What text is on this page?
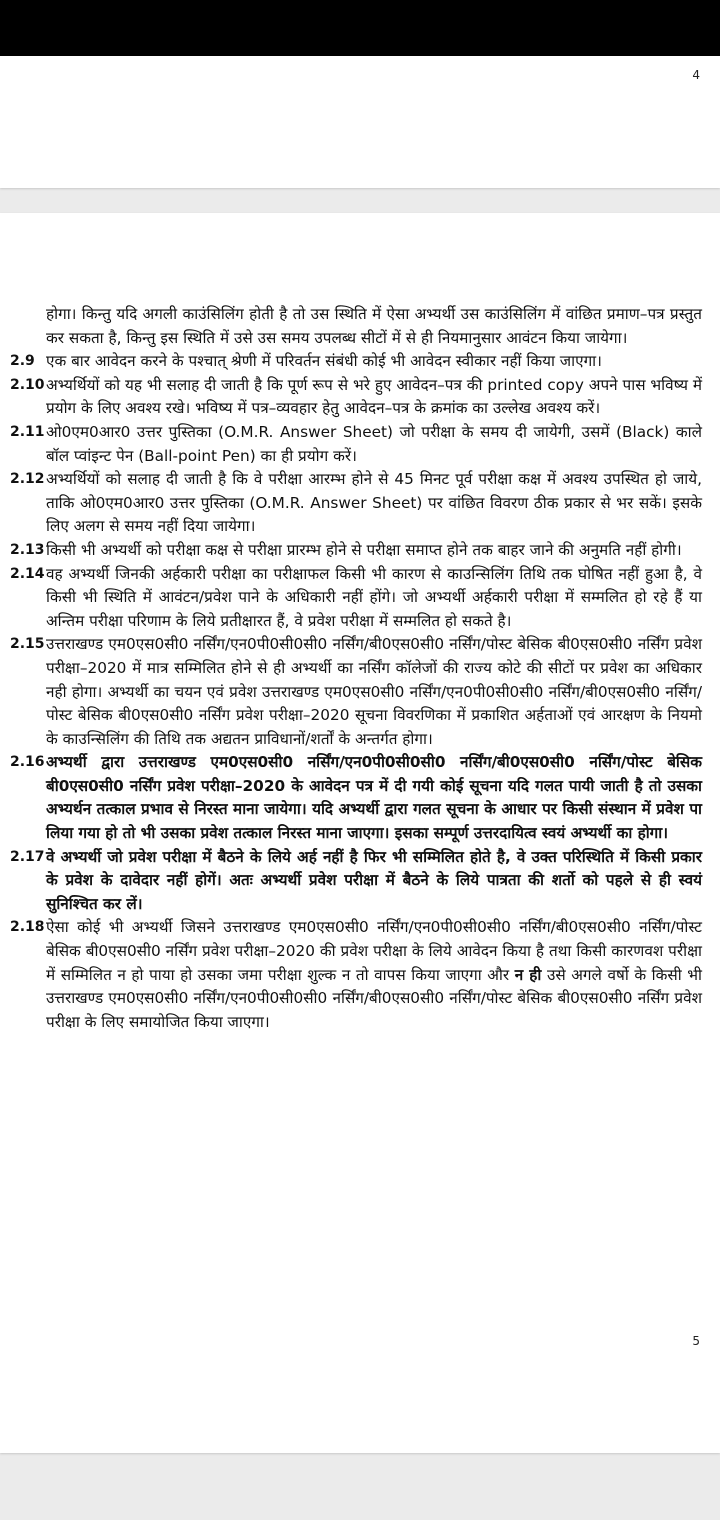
4

होगा। किन्तु यदि अगली काउंसिलिंग होती है तो उस स्थिति में ऐसा अभ्यर्थी उस काउंसिलिंग में वांछित प्रमाण–पत्र प्रस्तुत कर सकता है, किन्तु इस स्थिति में उसे उस समय उपलब्ध सीटों में से ही नियमानुसार आवंटन किया जायेगा।

2.9 एक बार आवेदन करने के पश्चात् श्रेणी में परिवर्तन संबंधी कोई भी आवेदन स्वीकार नहीं किया जाएगा।
2.10 अभ्यर्थियों को यह भी सलाह दी जाती है कि पूर्ण रूप से भरे हुए आवेदन–पत्र की printed copy अपने पास भविष्य में प्रयोग के लिए अवश्य रखे। भविष्य में पत्र–व्यवहार हेतु आवेदन–पत्र के क्रमांक का उल्लेख अवश्य करें।
2.11 ओ0एम0आर0 उत्तर पुस्तिका (O.M.R. Answer Sheet) जो परीक्षा के समय दी जायेगी, उसमें (Black) काले बॉल प्वांइन्ट पेन (Ball-point Pen) का ही प्रयोग करें।
2.12 अभ्यर्थियों को सलाह दी जाती है कि वे परीक्षा आरम्भ होने से 45 मिनट पूर्व परीक्षा कक्ष में अवश्य उपस्थित हो जाये, ताकि ओ0एम0आर0 उत्तर पुस्तिका (O.M.R. Answer Sheet) पर वांछित विवरण ठीक प्रकार से भर सकें। इसके लिए अलग से समय नहीं दिया जायेगा।
2.13 किसी भी अभ्यर्थी को परीक्षा कक्ष से परीक्षा प्रारम्भ होने से परीक्षा समाप्त होने तक बाहर जाने की अनुमति नहीं होगी।
2.14 वह अभ्यर्थी जिनकी अर्हकारी परीक्षा का परीक्षाफल किसी भी कारण से काउन्सिलिंग तिथि तक घोषित नहीं हुआ है, वे किसी भी स्थिति में आवंटन/प्रवेश पाने के अधिकारी नहीं होंगे। जो अभ्यर्थी अर्हकारी परीक्षा में सम्मलित हो रहे हैं या अन्तिम परीक्षा परिणाम के लिये प्रतीक्षारत हैं, वे प्रवेश परीक्षा में सम्मलित हो सकते है।
2.15 उत्तराखण्ड एम0एस0सी0 नर्सिंग/एन0पी0सी0सी0 नर्सिंग/बी0एस0सी0 नर्सिंग/पोस्ट बेसिक बी0एस0सी0 नर्सिंग प्रवेश परीक्षा–2020 में मात्र सम्मिलित होने से ही अभ्यर्थी का नर्सिंग कॉलेजों की राज्य कोटे की सीटों पर प्रवेश का अधिकार नही होगा। अभ्यर्थी का चयन एवं प्रवेश उत्तराखण्ड एम0एस0सी0 नर्सिंग/एन0पी0सी0सी0 नर्सिंग/बी0एस0सी0 नर्सिंग/पोस्ट बेसिक बी0एस0सी0 नर्सिंग प्रवेश परीक्षा–2020 सूचना विवरणिका में प्रकाशित अर्हताओं एवं आरक्षण के नियमो के काउन्सिलिंग की तिथि तक अद्यतन प्राविधानों/शर्तों के अन्तर्गत होगा।
2.16 अभ्यर्थी द्वारा उत्तराखण्ड एम0एस0सी0 नर्सिंग/एन0पी0सी0सी0 नर्सिंग/बी0एस0सी0 नर्सिंग/पोस्ट बेसिक बी0एस0सी0 नर्सिंग प्रवेश परीक्षा–2020 के आवेदन पत्र में दी गयी कोई सूचना यदि गलत पायी जाती है तो उसका अभ्यर्थन तत्काल प्रभाव से निरस्त माना जायेगा। यदि अभ्यर्थी द्वारा गलत सूचना के आधार पर किसी संस्थान में प्रवेश पा लिया गया हो तो भी उसका प्रवेश तत्काल निरस्त माना जाएगा। इसका सम्पूर्ण उत्तरदायित्व स्वयं अभ्यर्थी का होगा।
2.17 वे अभ्यर्थी जो प्रवेश परीक्षा में बैठने के लिये अर्ह नहीं है फिर भी सम्मिलित होते है, वे उक्त परिस्थिति में किसी प्रकार के प्रवेश के दावेदार नहीं होगें। अतः अभ्यर्थी प्रवेश परीक्षा में बैठने के लिये पात्रता की शर्तो को पहले से ही स्वयं सुनिश्चित कर लें।
2.18 ऐसा कोई भी अभ्यर्थी जिसने उत्तराखण्ड एम0एस0सी0 नर्सिंग/एन0पी0सी0सी0 नर्सिंग/बी0एस0सी0 नर्सिंग/पोस्ट बेसिक बी0एस0सी0 नर्सिंग प्रवेश परीक्षा–2020 की प्रवेश परीक्षा के लिये आवेदन किया है तथा किसी कारणवश परीक्षा में सम्मिलित न हो पाया हो उसका जमा परीक्षा शुल्क न तो वापस किया जाएगा और न ही उसे अगले वर्षो के किसी भी उत्तराखण्ड एम0एस0सी0 नर्सिंग/एन0पी0सी0सी0 नर्सिंग/बी0एस0सी0 नर्सिंग/पोस्ट बेसिक बी0एस0सी0 नर्सिंग प्रवेश परीक्षा के लिए समायोजित किया जाएगा।
5
